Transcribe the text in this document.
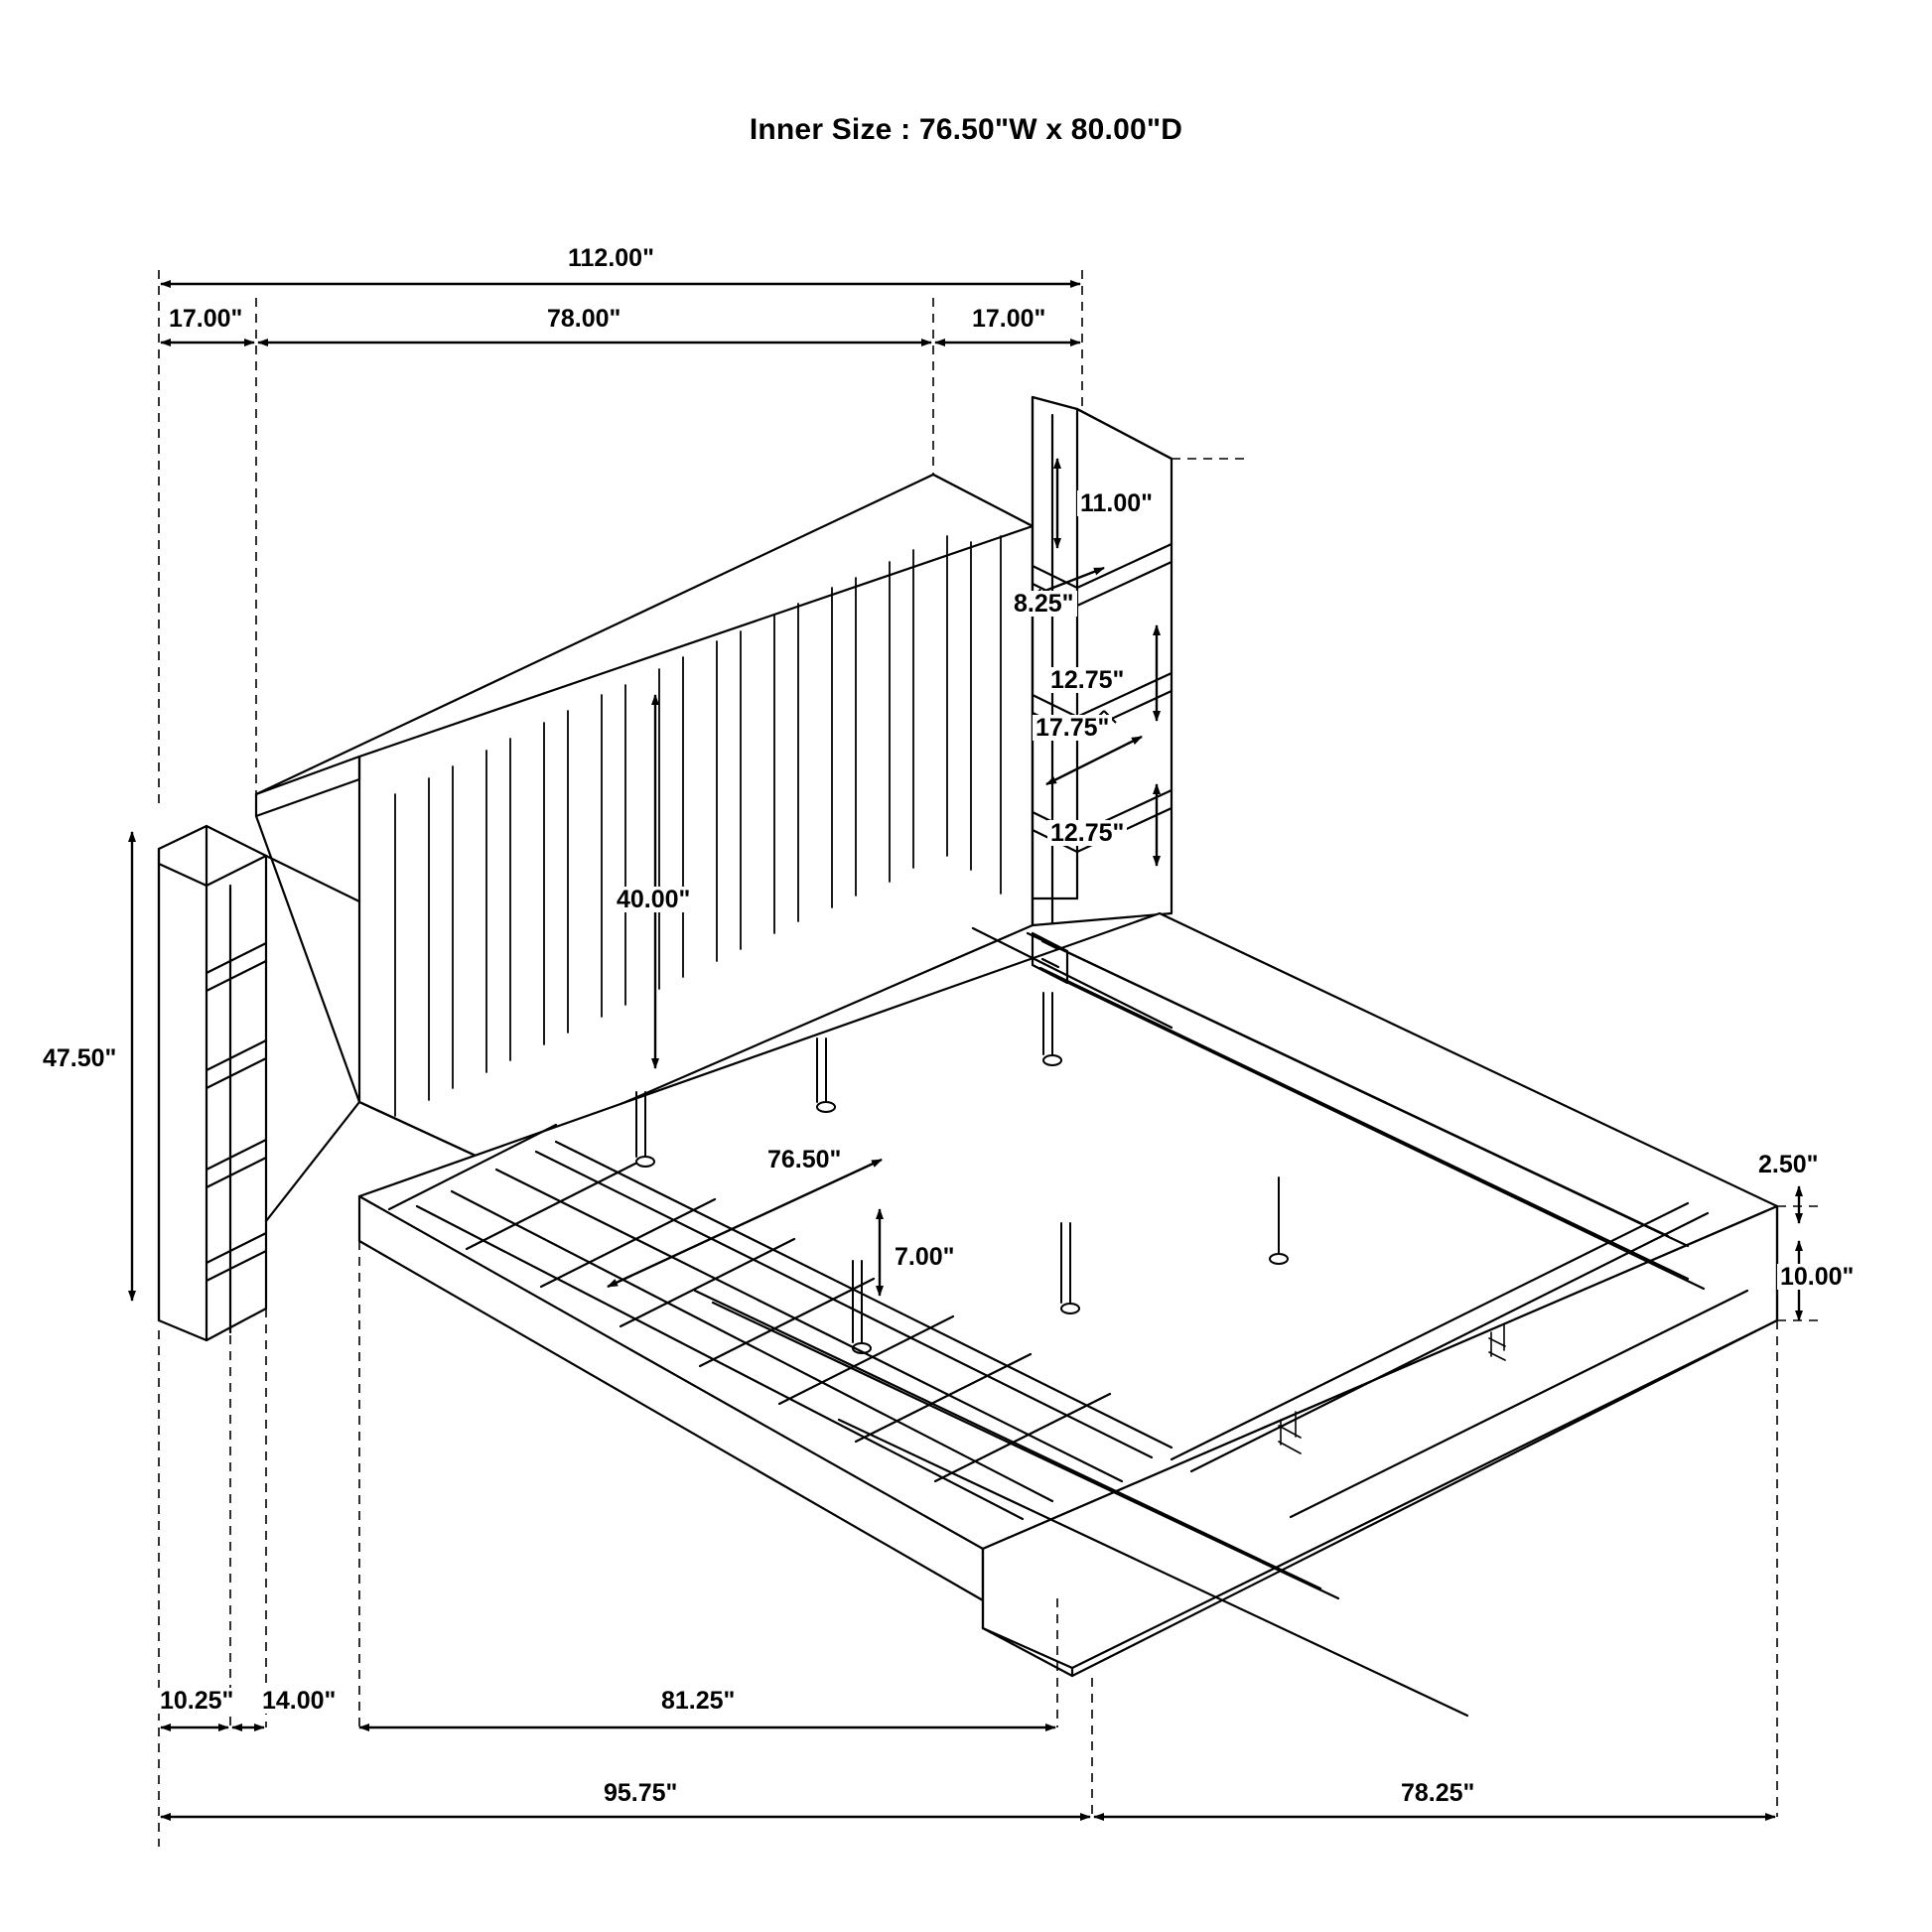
Inner Size : 76.50"W x 80.00"D
112.00"
17.00"	78.00"	17.00"
11.00"
8.25"
12.75"
17.75"
12.75"
40.00"
47.50"
76.50"
7.00"
2.50"
10.00"
10.25" 14.00"	81.25"
95.75"	78.25"
